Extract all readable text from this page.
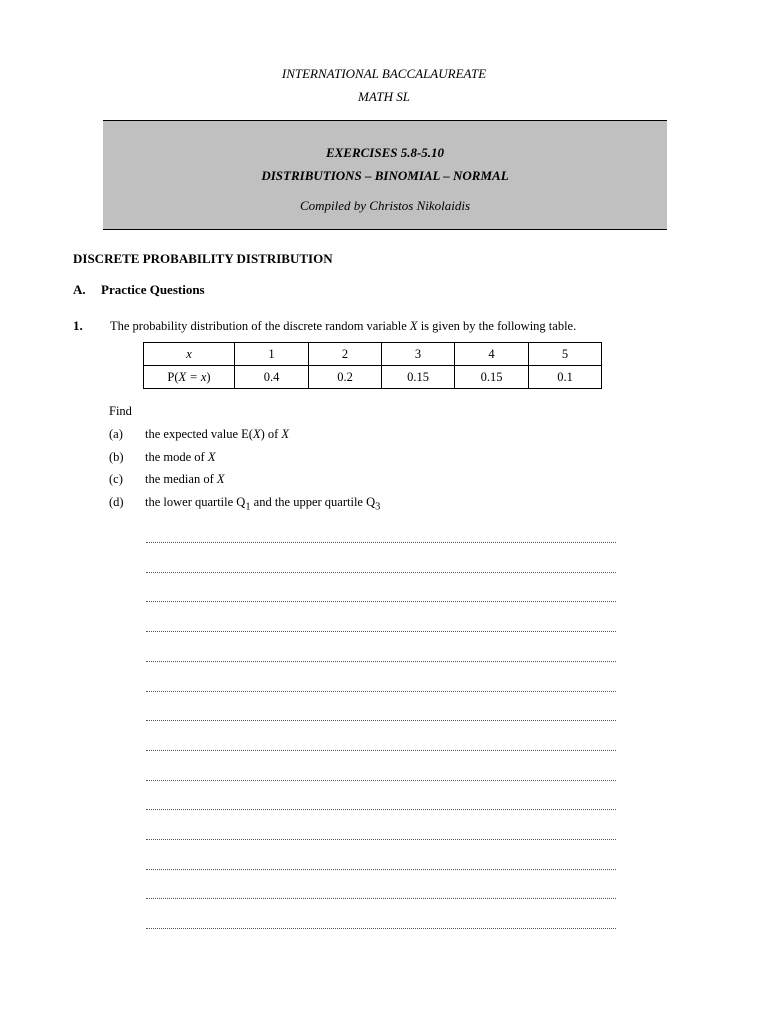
INTERNATIONAL BACCALAUREATE
MATH SL
EXERCISES 5.8-5.10
DISTRIBUTIONS – BINOMIAL – NORMAL
Compiled by Christos Nikolaidis
DISCRETE PROBABILITY DISTRIBUTION
A. Practice Questions
1. The probability distribution of the discrete random variable X is given by the following table.
x	1	2	3	4	5
P(X = x)	0.4	0.2	0.15	0.15	0.1
Find
(a) the expected value E(X) of X
(b) the mode of X
(c) the median of X
(d) the lower quartile $Q_1$ and the upper quartile $Q_3$
